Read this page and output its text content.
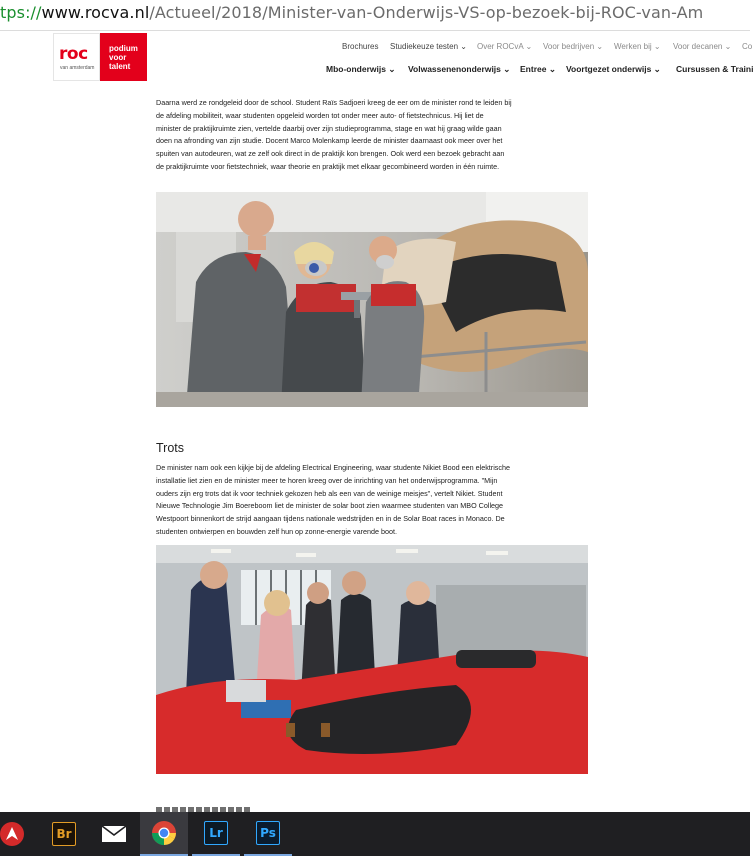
tps://www.rocva.nl/Actueel/2018/Minister-van-Onderwijs-VS-op-bezoek-bij-ROC-van-Am
roc
van amsterdam
podium
voor
talent
Brochures Studiekeuze testen ⌄ Over ROCvA ⌄ Voor bedrijven ⌄ Werken bij ⌄ Voor decanen ⌄ Co
Mbo-onderwijs ⌄ Volwassenenonderwijs ⌄ Entree ⌄ Voortgezet onderwijs ⌄ Cursussen & Traini
Daarna werd ze rondgeleid door de school. Student Raïs Sadjoeri kreeg de eer om de minister rond te leiden bij
de afdeling mobiliteit, waar studenten opgeleid worden tot onder meer auto- of fietstechnicus. Hij liet de
minister de praktijkruimte zien, vertelde daarbij over zijn studieprogramma, stage en wat hij graag wilde gaan
doen na afronding van zijn studie. Docent Marco Molenkamp leerde de minister daarnaast ook meer over het
spuiten van autodeuren, wat ze zelf ook direct in de praktijk kon brengen. Ook werd een bezoek gebracht aan
de praktijkruimte voor fietstechniek, waar theorie en praktijk met elkaar gecombineerd worden in één ruimte.
Trots
De minister nam ook een kijkje bij de afdeling Electrical Engineering, waar studente Nikiet Bood een elektrische
installatie liet zien en de minister meer te horen kreeg over de inrichting van het onderwijsprogramma. "Mijn
ouders zijn erg trots dat ik voor techniek gekozen heb als een van de weinige meisjes", vertelt Nikiet. Student
Nieuwe Technologie Jim Boereboom liet de minister de solar boot zien waarmee studenten van MBO College
Westpoort binnenkort de strijd aangaan tijdens nationale wedstrijden en in de Solar Boat races in Monaco. De
studenten ontwierpen en bouwden zelf hun op zonne-energie varende boot.
Br	Lr	Ps
